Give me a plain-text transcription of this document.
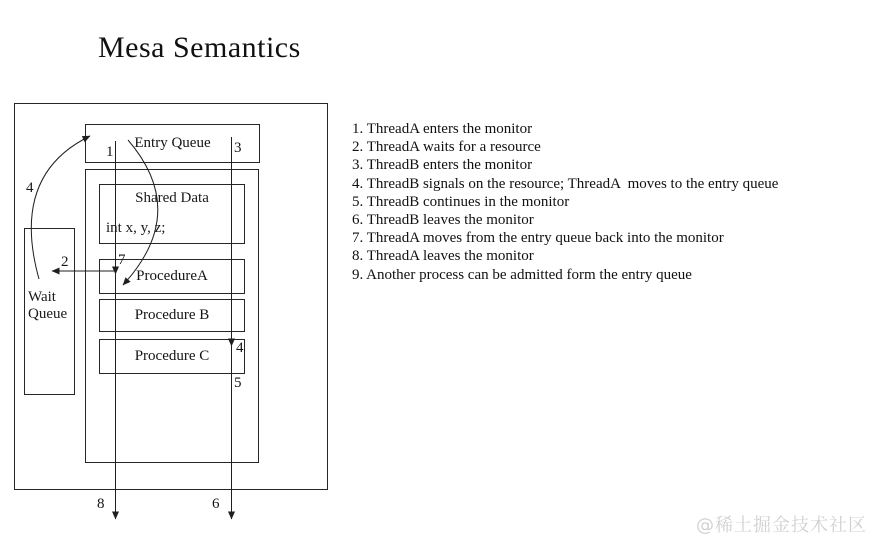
Mesa Semantics
Entry Queue
Shared Data
int x, y, z;
ProcedureA
Procedure B
Procedure C
Wait Queue
1	3
4
2	7
4
5
8	6
1. ThreadA enters the monitor
2. ThreadA waits for a resource
3. ThreadB enters the monitor
4. ThreadB signals on the resource; ThreadA  moves to the entry queue
5. ThreadB continues in the monitor
6. ThreadB leaves the monitor
7. ThreadA moves from the entry queue back into the monitor
8. ThreadA leaves the monitor
9. Another process can be admitted form the entry queue
@稀土掘金技术社区
